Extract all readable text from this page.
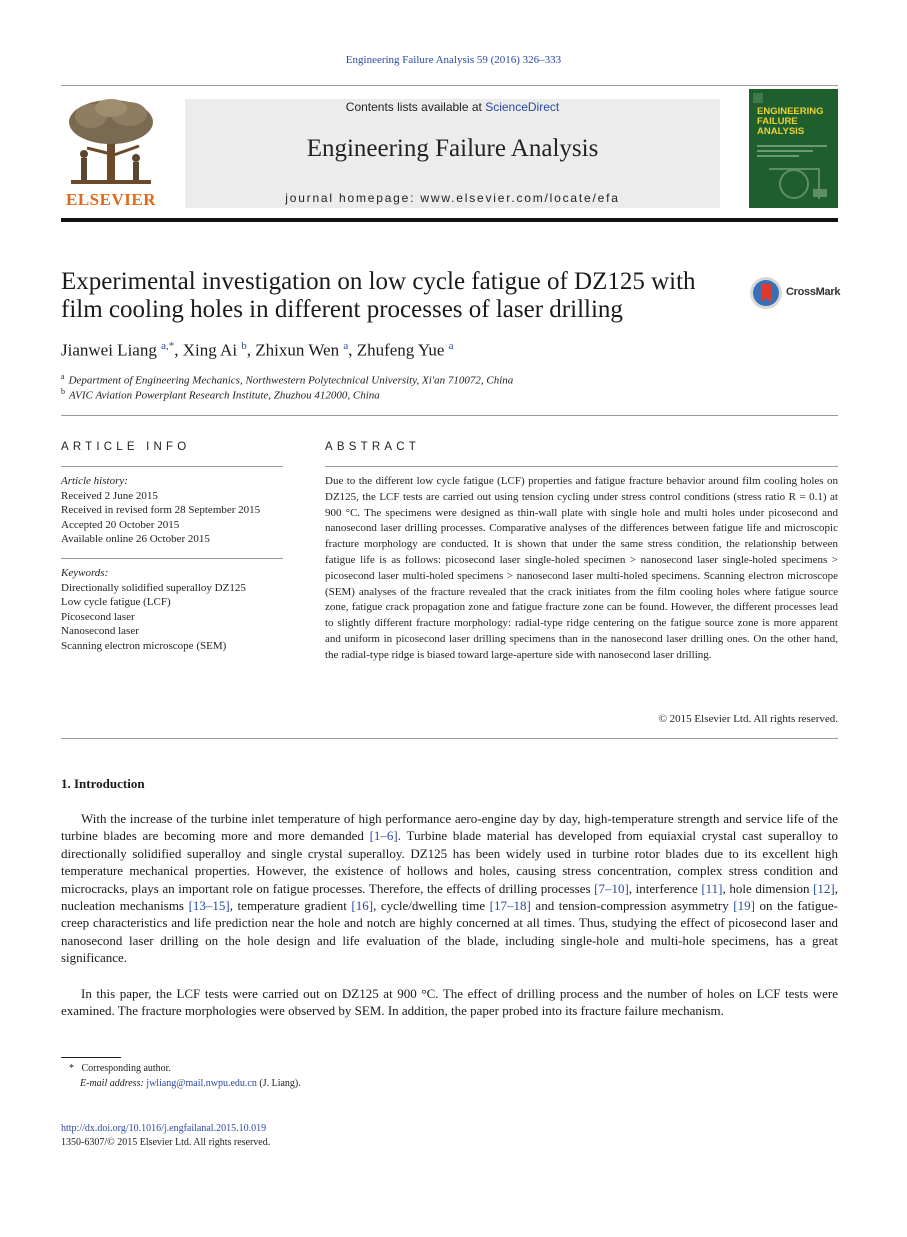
Engineering Failure Analysis 59 (2016) 326–333
ELSEVIER
Contents lists available at ScienceDirect
Engineering Failure Analysis
journal homepage: www.elsevier.com/locate/efa
ENGINEERING FAILURE ANALYSIS
Experimental investigation on low cycle fatigue of DZ125 with film cooling holes in different processes of laser drilling
CrossMark
Jianwei Liang $^{a,*}$, Xing Ai $^b$, Zhixun Wen $^a$, Zhufeng Yue $^a$
$^a$ Department of Engineering Mechanics, Northwestern Polytechnical University, Xi'an 710072, China
$^b$ AVIC Aviation Powerplant Research Institute, Zhuzhou 412000, China
ARTICLE INFO
Article history:
Received 2 June 2015
Received in revised form 28 September 2015
Accepted 20 October 2015
Available online 26 October 2015
Keywords:
Directionally solidified superalloy DZ125
Low cycle fatigue (LCF)
Picosecond laser
Nanosecond laser
Scanning electron microscope (SEM)
ABSTRACT
Due to the different low cycle fatigue (LCF) properties and fatigue fracture behavior around film cooling holes on DZ125, the LCF tests are carried out using tension cycling under stress control conditions (stress ratio R = 0.1) at 900 °C. The specimens were designed as thin-wall plate with single hole and multi holes under picosecond and nanosecond laser drilling processes. Comparative analyses of the differences between fatigue life and microscopic fracture morphology are conducted. It is shown that under the same stress condition, the relationship between fatigue life is as follows: picosecond laser single-holed specimen > nanosecond laser single-holed specimens > picosecond laser multi-holed specimens > nanosecond laser multi-holed specimens. Scanning electron microscope (SEM) analyses of the fracture revealed that the crack initiates from the film cooling holes where fatigue source zone, fatigue crack propagation zone and fatigue fracture zone can be found. However, the different processes lead to slightly different fracture morphology: radial-type ridge centering on the fatigue source zone is more apparent and uniform in picosecond laser drilling specimens than in the nanosecond laser drilling ones. On the other hand, the radial-type ridge is biased toward large-aperture side with nanosecond laser drilling.
© 2015 Elsevier Ltd. All rights reserved.
1. Introduction
With the increase of the turbine inlet temperature of high performance aero-engine day by day, high-temperature strength and service life of the turbine blades are becoming more and more demanded [1–6]. Turbine blade material has developed from equiaxial crystal cast superalloy to directionally solidified superalloy and single crystal superalloy. DZ125 has been widely used in turbine rotor blades due to its excellent high temperature mechanical properties. However, the existence of hollows and holes, causing stress concentration, complex stress condition and microcracks, plays an important role on fatigue processes. Therefore, the effects of drilling processes [7–10], interference [11], hole dimension [12], nucleation mechanisms [13–15], temperature gradient [16], cycle/dwelling time [17–18] and tension-compression asymmetry [19] on the fatigue-creep characteristics and life prediction near the hole and notch are highly concerned at all times. Thus, studying the effect of picosecond laser and nanosecond laser drilling on the hole design and life evaluation of the blade, including single-hole and multi-hole specimens, has a great significance.
In this paper, the LCF tests were carried out on DZ125 at 900 °C. The effect of drilling process and the number of holes on LCF tests were examined. The fracture morphologies were observed by SEM. In addition, the paper probed into its fracture failure mechanism.
* Corresponding author.
E-mail address: jwliang@mail.nwpu.edu.cn (J. Liang).
http://dx.doi.org/10.1016/j.engfailanal.2015.10.019
1350-6307/© 2015 Elsevier Ltd. All rights reserved.
